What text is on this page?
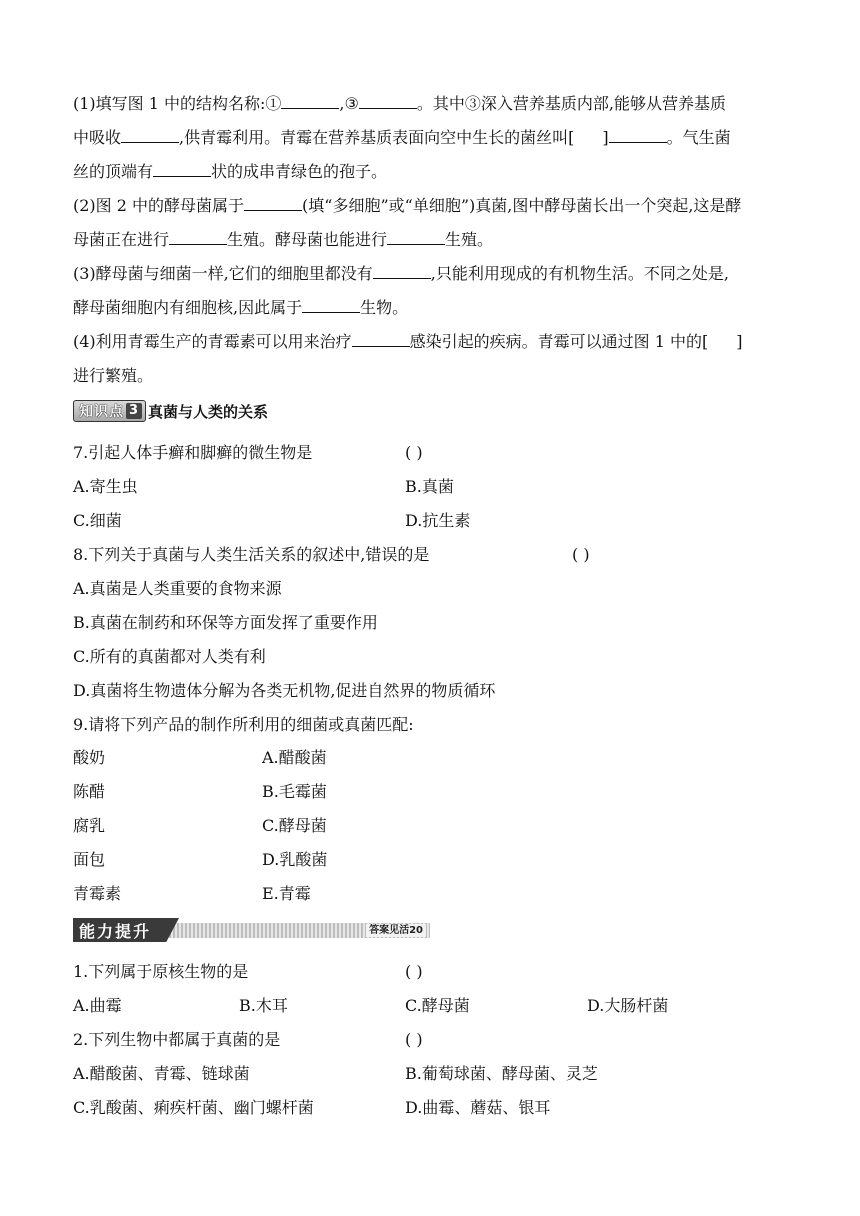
(1)填写图 1 中的结构名称:①	,③	。其中③深入营养基质内部,能够从营养基质
中吸收	,供青霉利用。青霉在营养基质表面向空中生长的菌丝叫[ ]	。气生菌
丝的顶端有	状的成串青绿色的孢子。
(2)图 2 中的酵母菌属于	(填“多细胞”或“单细胞”)真菌,图中酵母菌长出一个突起,这是酵
母菌正在进行	生殖。酵母菌也能进行	生殖。
(3)酵母菌与细菌一样,它们的细胞里都没有	,只能利用现成的有机物生活。不同之处是,
酵母菌细胞内有细胞核,因此属于	生物。
(4)利用青霉生产的青霉素可以用来治疗	感染引起的疾病。青霉可以通过图 1 中的[ ]
进行繁殖。
知识点 3 真菌与人类的关系
7.引起人体手癣和脚癣的微生物是	( )
A.寄生虫	B.真菌
C.细菌	D.抗生素
8.下列关于真菌与人类生活关系的叙述中,错误的是	( )
A.真菌是人类重要的食物来源
B.真菌在制药和环保等方面发挥了重要作用
C.所有的真菌都对人类有利
D.真菌将生物遗体分解为各类无机物,促进自然界的物质循环
9.请将下列产品的制作所利用的细菌或真菌匹配:
酸奶	A.醋酸菌
陈醋	B.毛霉菌
腐乳	C.酵母菌
面包	D.乳酸菌
青霉素	E.青霉
能力提升	答案见活20
1.下列属于原核生物的是	( )
A.曲霉	B.木耳	C.酵母菌	D.大肠杆菌
2.下列生物中都属于真菌的是	( )
A.醋酸菌、青霉、链球菌	B.葡萄球菌、酵母菌、灵芝
C.乳酸菌、痢疾杆菌、幽门螺杆菌	D.曲霉、蘑菇、银耳
